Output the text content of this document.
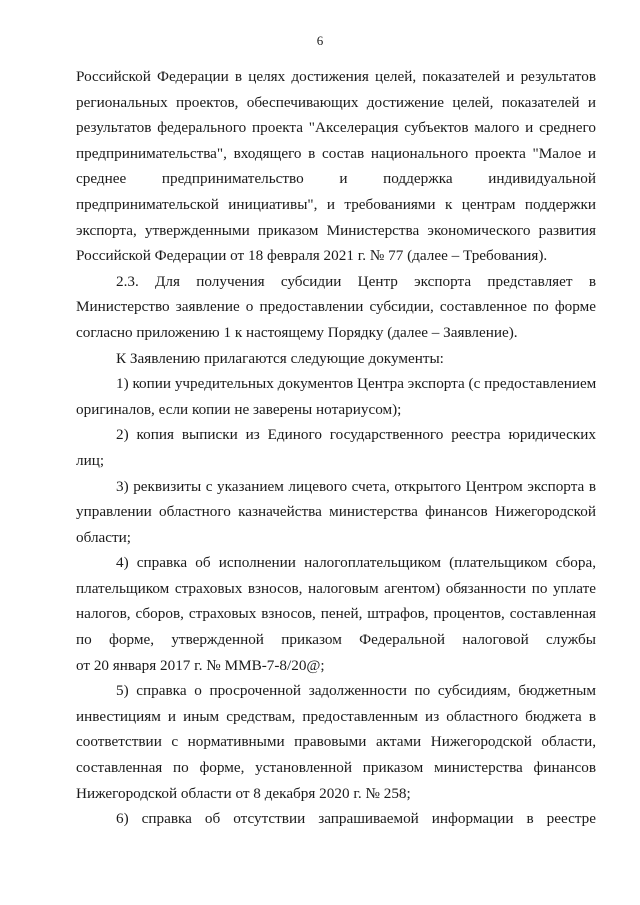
6
Российской Федерации в целях достижения целей, показателей и результатов
региональных проектов, обеспечивающих достижение целей, показателей и
результатов федерального проекта "Акселерация субъектов малого и среднего
предпринимательства", входящего в состав национального проекта "Малое и
среднее предпринимательство и поддержка индивидуальной
предпринимательской инициативы", и требованиями к центрам поддержки
экспорта, утвержденными приказом Министерства экономического развития
Российской Федерации от 18 февраля 2021 г. № 77 (далее – Требования).
2.3. Для получения субсидии Центр экспорта представляет в
Министерство заявление о предоставлении субсидии, составленное по форме
согласно приложению 1 к настоящему Порядку (далее – Заявление).
К Заявлению прилагаются следующие документы:
1) копии учредительных документов Центра экспорта (с предоставлением
оригиналов, если копии не заверены нотариусом);
2) копия выписки из Единого государственного реестра юридических
лиц;
3) реквизиты с указанием лицевого счета, открытого Центром экспорта в
управлении областного казначейства министерства финансов Нижегородской
области;
4) справка об исполнении налогоплательщиком (плательщиком сбора,
плательщиком страховых взносов, налоговым агентом) обязанности по уплате
налогов, сборов, страховых взносов, пеней, штрафов, процентов, составленная
по форме, утвержденной приказом Федеральной налоговой службы
от 20 января 2017 г. № ММВ-7-8/20@;
5) справка о просроченной задолженности по субсидиям, бюджетным
инвестициям и иным средствам, предоставленным из областного бюджета в
соответствии с нормативными правовыми актами Нижегородской области,
составленная по форме, установленной приказом министерства финансов
Нижегородской области от 8 декабря 2020 г. № 258;
6) справка об отсутствии запрашиваемой информации в реестре
